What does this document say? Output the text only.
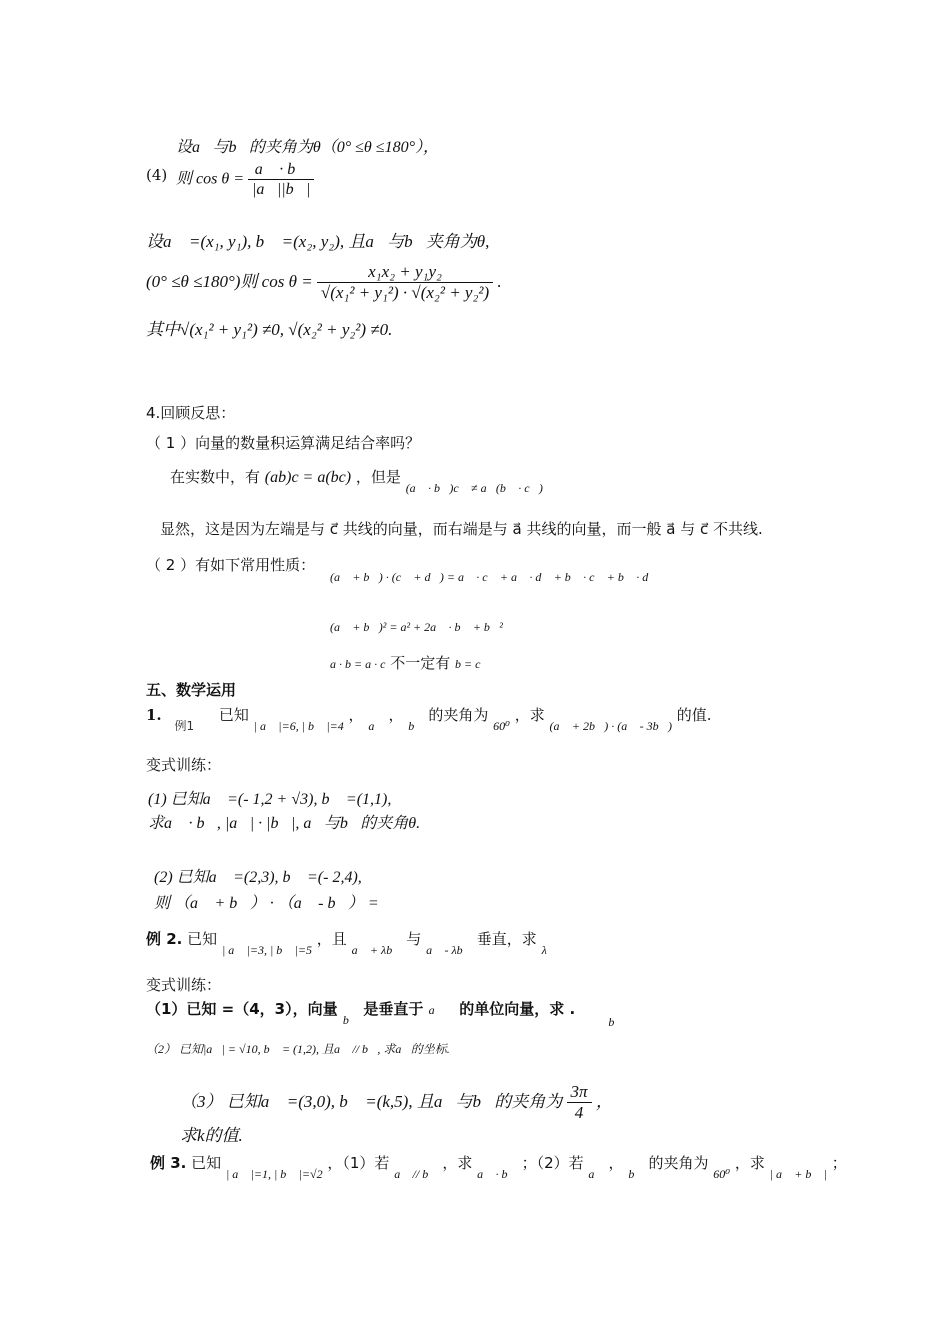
设a⃗与b⃗的夹角为θ（0° ≤θ ≤180°），
(4) 则 $\cos \theta = \frac{a⃗ \cdot b⃗}{|a⃗||b⃗|}$
设a⃗ =(x₁, y₁), b⃗ =(x₂, y₂), 且a⃗与b⃗夹角为θ,
(0° ≤θ ≤180°)则 $\cos \theta = \frac{\text{x₁x₂ + y₁y₂}}{\text{√(x₁² + y₁²) · √(x₂² + y₂²)}}$ .
其中√(x₁² + y₁²) ≠0, √(x₂² + y₂²) ≠0.
4.回顾反思：
（ 1 ）向量的数量积运算满足结合率吗？
在实数中，有 (ab)c = a(bc) ，但是 $_{(a⃗ \cdot b⃗)c⃗ \ne a⃗(b⃗ \cdot c⃗)}$
显然，这是因为左端是与 c⃗ 共线的向量，而右端是与 a⃗ 共线的向量，而一般 a⃗ 与 c⃗ 不共线.
（ 2 ）有如下常用性质：
(a⃗ + b⃗) · (c⃗ + d⃗) = a⃗ · c⃗ + a⃗ · d⃗ + b⃗ · c⃗ + b⃗ · d⃗
(a⃗ + b⃗)² = a² + 2a⃗ · b⃗ + b⃗²
a · b = a · c 不一定有 b = c
五、数学运用
1. $_{例1}$ 已知 $_{| a⃗ |=6, | b⃗ |=4}$ ， $_{a⃗}$ ， $_{b⃗}$ 的夹角为 $_{60^0}$ ，求 $_{(a⃗ + 2b⃗) \cdot (a⃗ - 3b⃗)}$ 的值.
变式训练：
(1) 已知a⃗ =(- 1,2 + √3), b⃗ =(1,1),
求a⃗ · b⃗, |a⃗| · |b⃗|, a⃗与b⃗的夹角θ.
(2) 已知a⃗ =(2,3), b⃗ =(- 2,4),
则 （a⃗ + b⃗） · （a⃗ - b⃗） =
例 2. 已知 $_{| a⃗ |=3, | b⃗ |=5}$ ，且 $_{a⃗ + \lambda b⃗}$ 与 $_{a⃗ - \lambda b⃗}$ 垂直，求 $_\lambda$
变式训练：
（1）已知 =（4，3），向量 $_{b⃗}$ 是垂直于 a⃗ 的单位向量，求 . $_{b⃗}$
（2） 已知|a⃗| = √10, b⃗ = (1,2), 且a⃗ // b⃗, 求a⃗的坐标.
（3） 已知a⃗ =(3,0), b⃗ =(k,5), 且a⃗与b⃗的夹角为 $\frac{3\pi}{4}$ ，
求k的值.
例 3. 已知 $_{| a⃗ |=1, | b⃗ |=√2}$ ，（1）若 $_{a⃗ // b⃗}$ ，求 $_{a⃗ \cdot b⃗}$ ；（2）若 $_{a⃗}$ ， $_{b⃗}$ 的夹角为 $_{60^0}$ ，求 $_{| a⃗ + b⃗ |}$ ；
